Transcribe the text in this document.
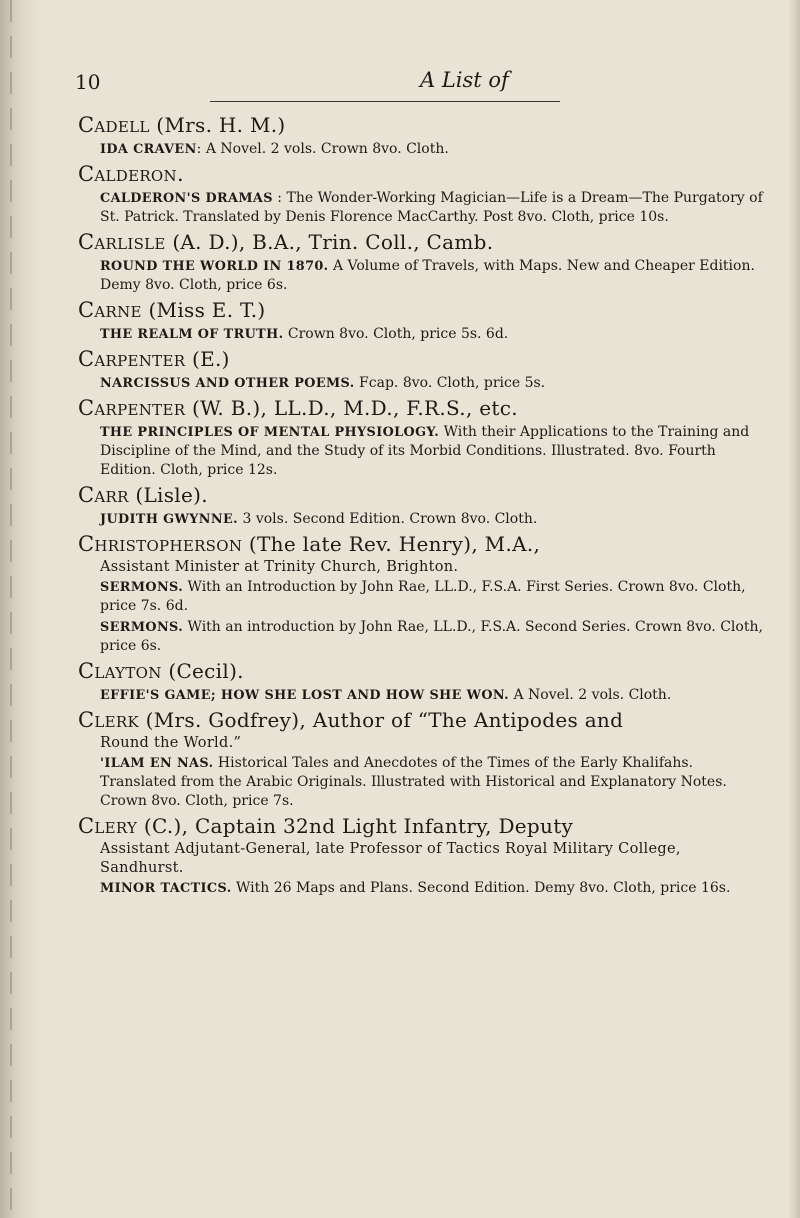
10	A List of

Cadell (Mrs. H. M.)

IDA CRAVEN: A Novel. 2 vols. Crown 8vo. Cloth.

Calderon.

CALDERON'S DRAMAS : The Wonder-Working Magician—Life is a Dream—The Purgatory of St. Patrick. Translated by Denis Florence MacCarthy. Post 8vo. Cloth, price 10s.

Carlisle (A. D.), B.A., Trin. Coll., Camb.

ROUND THE WORLD IN 1870. A Volume of Travels, with Maps. New and Cheaper Edition. Demy 8vo. Cloth, price 6s.

Carne (Miss E. T.)

THE REALM OF TRUTH. Crown 8vo. Cloth, price 5s. 6d.

Carpenter (E.)

NARCISSUS AND OTHER POEMS. Fcap. 8vo. Cloth, price 5s.

Carpenter (W. B.), LL.D., M.D., F.R.S., etc.

THE PRINCIPLES OF MENTAL PHYSIOLOGY. With their Applications to the Training and Discipline of the Mind, and the Study of its Morbid Conditions. Illustrated. 8vo. Fourth Edition. Cloth, price 12s.

Carr (Lisle).

JUDITH GWYNNE. 3 vols. Second Edition. Crown 8vo. Cloth.

Christopherson (The late Rev. Henry), M.A.,
Assistant Minister at Trinity Church, Brighton.

SERMONS. With an Introduction by John Rae, LL.D., F.S.A. First Series. Crown 8vo. Cloth, price 7s. 6d.

SERMONS. With an introduction by John Rae, LL.D., F.S.A. Second Series. Crown 8vo. Cloth, price 6s.

Clayton (Cecil).

EFFIE'S GAME; HOW SHE LOST AND HOW SHE WON. A Novel. 2 vols. Cloth.

Clerk (Mrs. Godfrey), Author of “The Antipodes and
Round the World.”

'ILAM EN NAS. Historical Tales and Anecdotes of the Times of the Early Khalifahs. Translated from the Arabic Originals. Illustrated with Historical and Explanatory Notes. Crown 8vo. Cloth, price 7s.

Clery (C.), Captain 32nd Light Infantry, Deputy
Assistant Adjutant-General, late Professor of Tactics Royal Military College, Sandhurst.

MINOR TACTICS. With 26 Maps and Plans. Second Edition. Demy 8vo. Cloth, price 16s.
